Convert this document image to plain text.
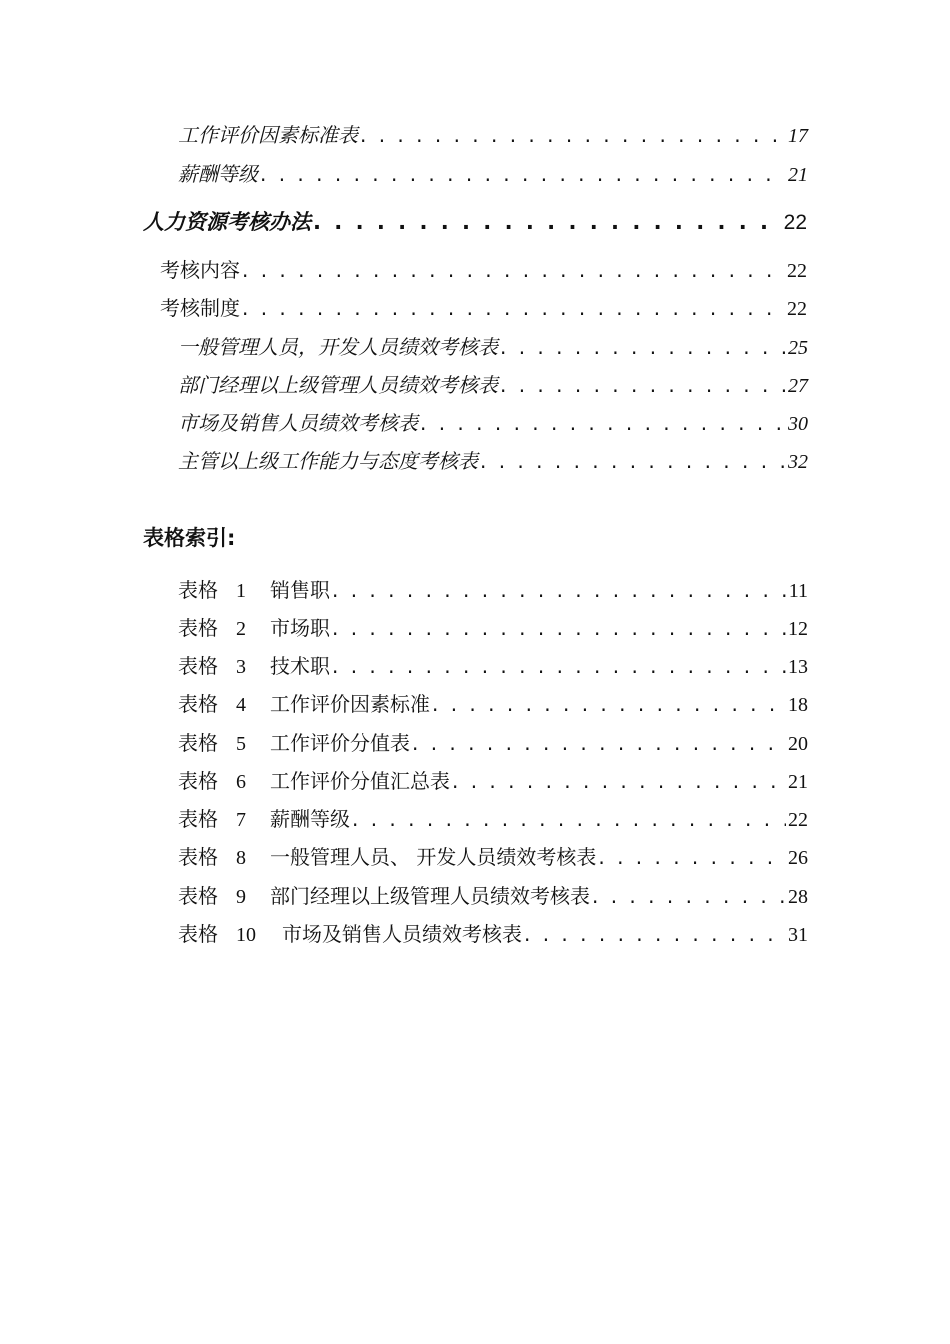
工作评价因素标准表 . . .	17
薪酬等级 . . .	21
人力资源考核办法 . . .	22
考核内容 . . .	22
考核制度 . . .	22
一般管理人员，开发人员绩效考核表 . . .	25
部门经理以上级管理人员绩效考核表 . . .	27
市场及销售人员绩效考核表 . . .	30
主管以上级工作能力与态度考核表 . . .	32
表格索引:
表格 1 销售职 . . .	11
表格 2 市场职 . . .	12
表格 3 技术职 . . .	13
表格 4 工作评价因素标准 . . .	18
表格 5 工作评价分值表 . . .	20
表格 6 工作评价分值汇总表 . . .	21
表格 7 薪酬等级 . . .	22
表格 8 一般管理人员、 开发人员绩效考核表 . . .	26
表格 9 部门经理以上级管理人员绩效考核表 . . .	28
表格 10 市场及销售人员绩效考核表 . . .	31
